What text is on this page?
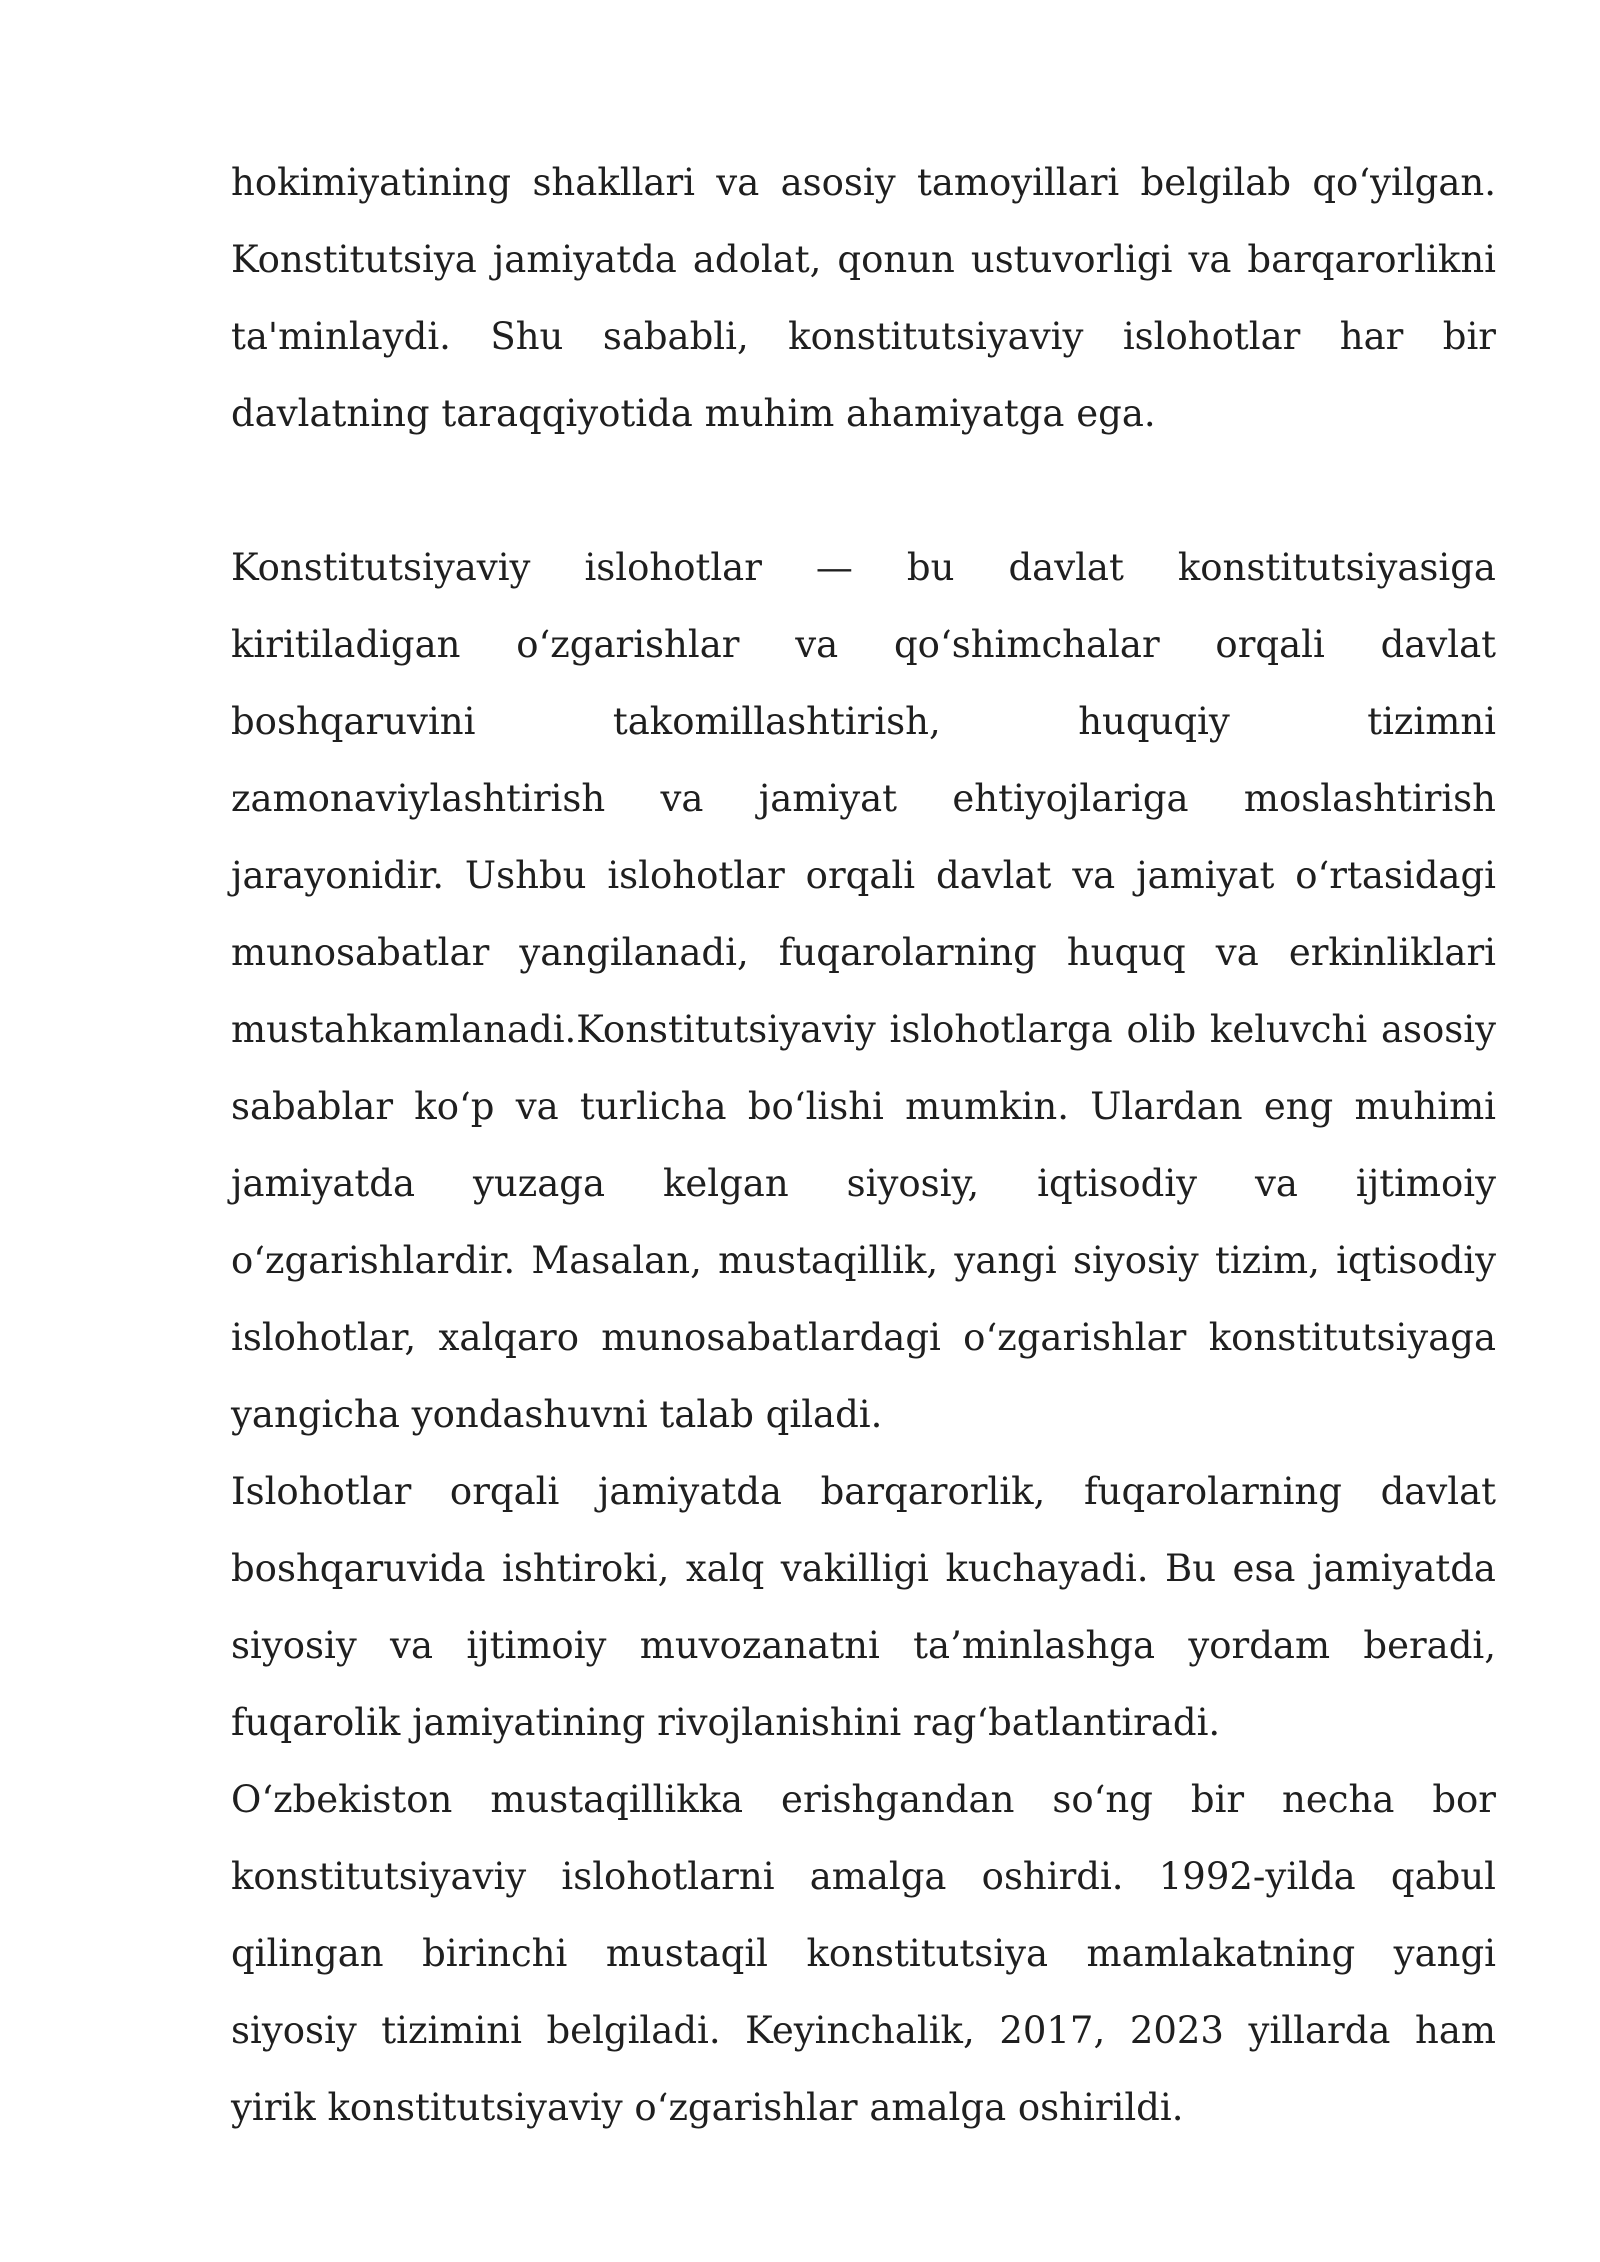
hokimiyatining shakllari va asosiy tamoyillari belgilab qo‘yilgan. Konstitutsiya jamiyatda adolat, qonun ustuvorligi va barqarorlikni ta'minlaydi. Shu sababli, konstitutsiyaviy islohotlar har bir davlatning taraqqiyotida muhim ahamiyatga ega.

Konstitutsiyaviy islohotlar — bu davlat konstitutsiyasiga kiritiladigan o‘zgarishlar va qo‘shimchalar orqali davlat boshqaruvini takomillashtirish, huquqiy tizimni zamonaviylashtirish va jamiyat ehtiyojlariga moslashtirish jarayonidir. Ushbu islohotlar orqali davlat va jamiyat o‘rtasidagi munosabatlar yangilanadi, fuqarolarning huquq va erkinliklari mustahkamlanadi.Konstitutsiyaviy islohotlarga olib keluvchi asosiy sabablar ko‘p va turlicha bo‘lishi mumkin. Ulardan eng muhimi jamiyatda yuzaga kelgan siyosiy, iqtisodiy va ijtimoiy o‘zgarishlardir. Masalan, mustaqillik, yangi siyosiy tizim, iqtisodiy islohotlar, xalqaro munosabatlardagi o‘zgarishlar konstitutsiyaga yangicha yondashuvni talab qiladi.

Islohotlar orqali jamiyatda barqarorlik, fuqarolarning davlat boshqaruvida ishtiroki, xalq vakilligi kuchayadi. Bu esa jamiyatda siyosiy va ijtimoiy muvozanatni ta’minlashga yordam beradi, fuqarolik jamiyatining rivojlanishini rag‘batlantiradi.

O‘zbekiston mustaqillikka erishgandan so‘ng bir necha bor konstitutsiyaviy islohotlarni amalga oshirdi. 1992-yilda qabul qilingan birinchi mustaqil konstitutsiya mamlakatning yangi siyosiy tizimini belgiladi. Keyinchalik, 2017, 2023 yillarda ham yirik konstitutsiyaviy o‘zgarishlar amalga oshirildi.
